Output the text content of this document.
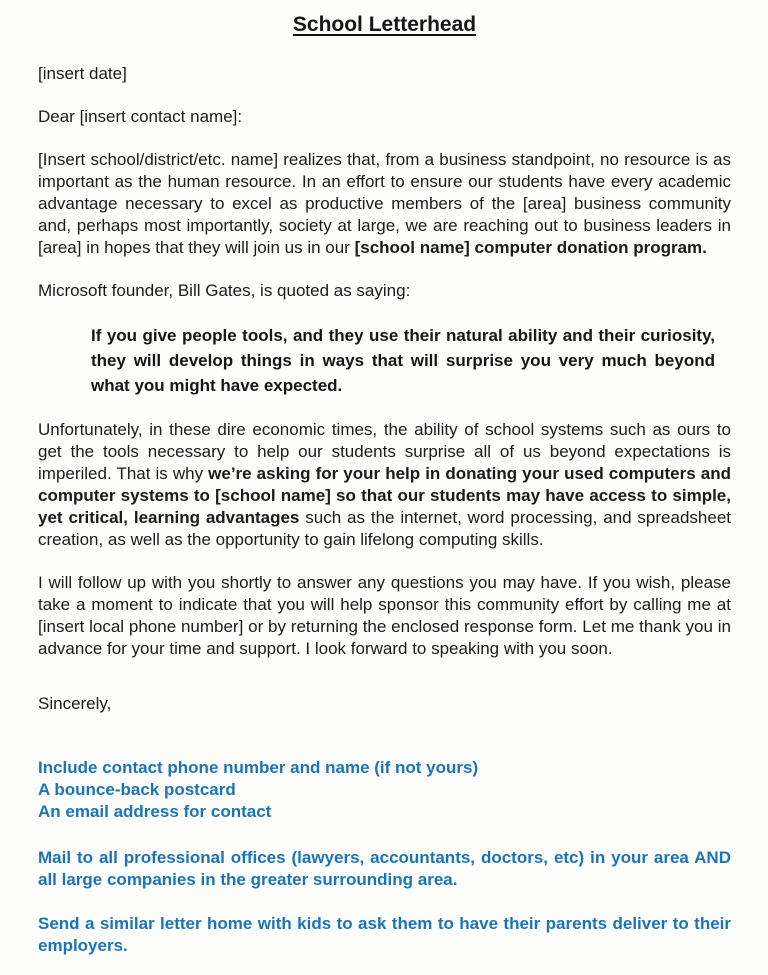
School Letterhead

[insert date]

Dear [insert contact name]:

[Insert school/district/etc. name] realizes that, from a business standpoint, no resource is as important as the human resource. In an effort to ensure our students have every academic advantage necessary to excel as productive members of the [area] business community and, perhaps most importantly, society at large, we are reaching out to business leaders in [area] in hopes that they will join us in our [school name] computer donation program.

Microsoft founder, Bill Gates, is quoted as saying:

If you give people tools, and they use their natural ability and their curiosity, they will develop things in ways that will surprise you very much beyond what you might have expected.

Unfortunately, in these dire economic times, the ability of school systems such as ours to get the tools necessary to help our students surprise all of us beyond expectations is imperiled. That is why we’re asking for your help in donating your used computers and computer systems to [school name] so that our students may have access to simple, yet critical, learning advantages such as the internet, word processing, and spreadsheet creation, as well as the opportunity to gain lifelong computing skills.

I will follow up with you shortly to answer any questions you may have. If you wish, please take a moment to indicate that you will help sponsor this community effort by calling me at [insert local phone number] or by returning the enclosed response form. Let me thank you in advance for your time and support. I look forward to speaking with you soon.

Sincerely,

Include contact phone number and name (if not yours)

A bounce-back postcard

An email address for contact

Mail to all professional offices (lawyers, accountants, doctors, etc) in your area AND all large companies in the greater surrounding area.

Send a similar letter home with kids to ask them to have their parents deliver to their employers.
